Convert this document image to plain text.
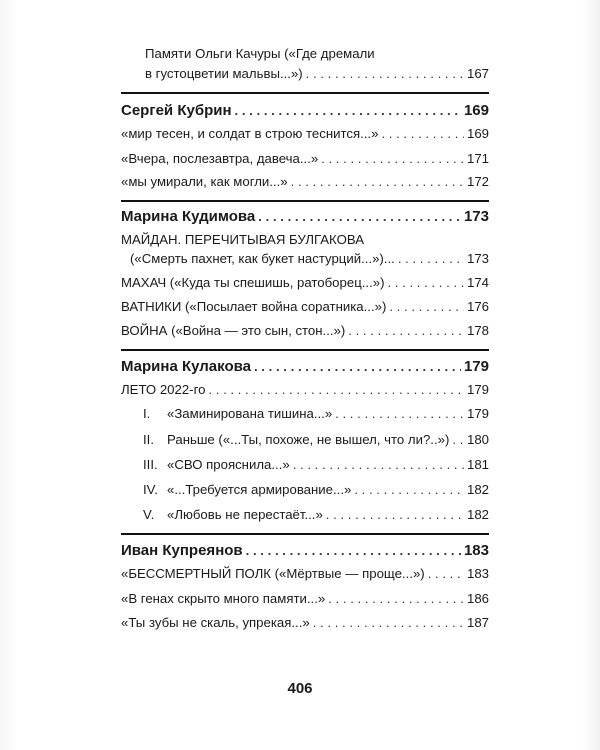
Памяти Ольги Качуры («Где дремали
в густоцветии мальвы...») . . .	167
Сергей Кубрин . . .	169
«мир тесен, и солдат в строю теснится...» . . .	169
«Вчера, послезавтра, давеча...» . . .	171
«мы умирали, как могли...» . . .	172
Марина Кудимова . . .	173
МАЙДАН. ПЕРЕЧИТЫВАЯ БУЛГАКОВА
(«Смерть пахнет, как букет настурций...»)... . . .	173
МАХАЧ («Куда ты спешишь, ратоборец...») . . .	174
ВАТНИКИ («Посылает война соратника...») . . .	176
ВОЙНА («Война — это сын, стон...») . . .	178
Марина Кулакова . . .	179
ЛЕТО 2022-го . . .	179
I. «Заминирована тишина...» . . .	179
II. Раньше («...Ты, похоже, не вышел, что ли?..») . . . 180
III. «СВО прояснила...» . . .	181
IV. «...Требуется армирование...» . . .	182
V. «Любовь не перестаёт...» . . .	182
Иван Купреянов . . .	183
«БЕССМЕРТНЫЙ ПОЛК («Мёртвые — проще...») . . .	183
«В генах скрыто много памяти...» . . .	186
«Ты зубы не скаль, упрекая...» . . .	187
406
